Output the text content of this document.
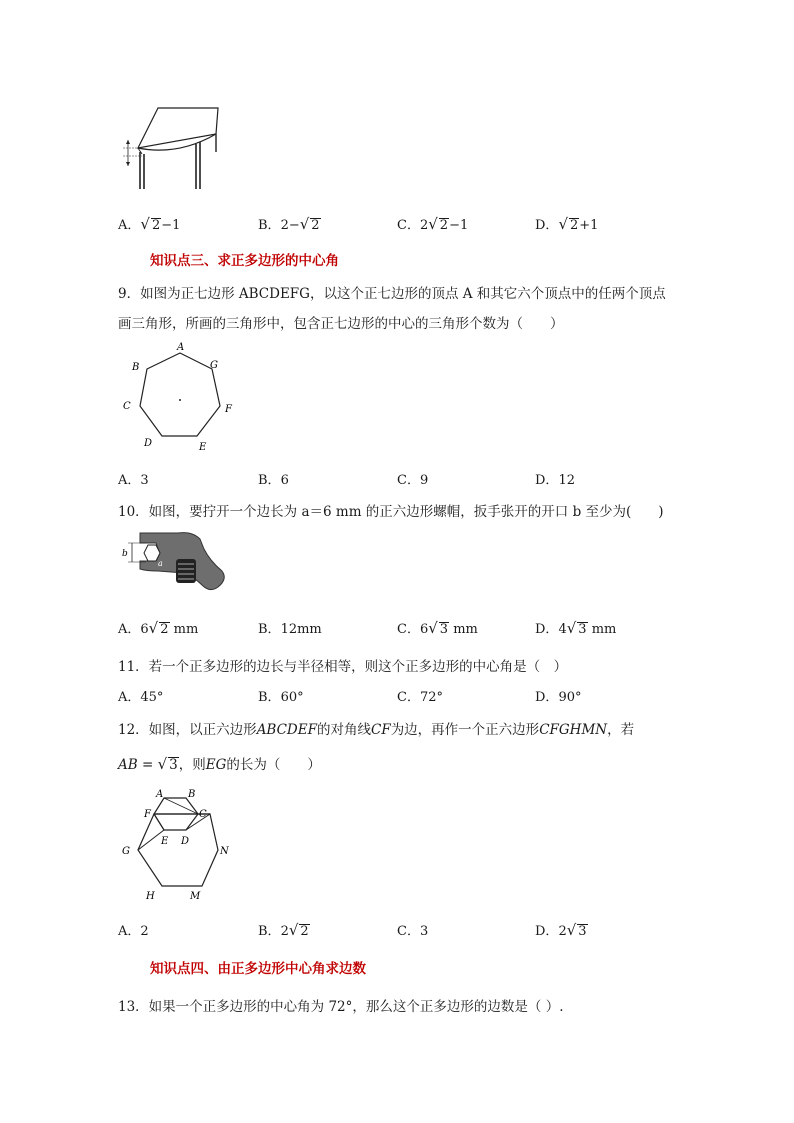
A．√ 2−1	B．2−√ 2	C．2√ 2−1	D．√ 2+1
知识点三、求正多边形的中心角
9．如图为正七边形 ABCDEFG，以这个正七边形的顶点 A 和其它六个顶点中的任两个顶点
画三角形，所画的三角形中，包含正七边形的中心的三角形个数为（　　）
A
B
C
D	E
F
G
A．3	B．6	C．9	D．12
10．如图，要拧开一个边长为 a＝6 mm 的正六边形螺帽，扳手张开的开口 b 至少为(　　)
b
a
A．6√ 2 mm	B．12mm	C．6√ 3 mm	D．4√ 3 mm
11．若一个正多边形的边长与半径相等，则这个正多边形的中心角是（　）
A．45°	B．60°	C．72°	D．90°
12．如图，以正六边形ABCDEF的对角线CF为边，再作一个正六边形CFGHMN，若
AB = √ 3，则EG的长为（　　）
A B
C
D
E
F
G
H	M
N
A．2	B．2√ 2	C．3	D．2√ 3
知识点四、由正多边形中心角求边数
13．如果一个正多边形的中心角为 72°，那么这个正多边形的边数是（ ）.
